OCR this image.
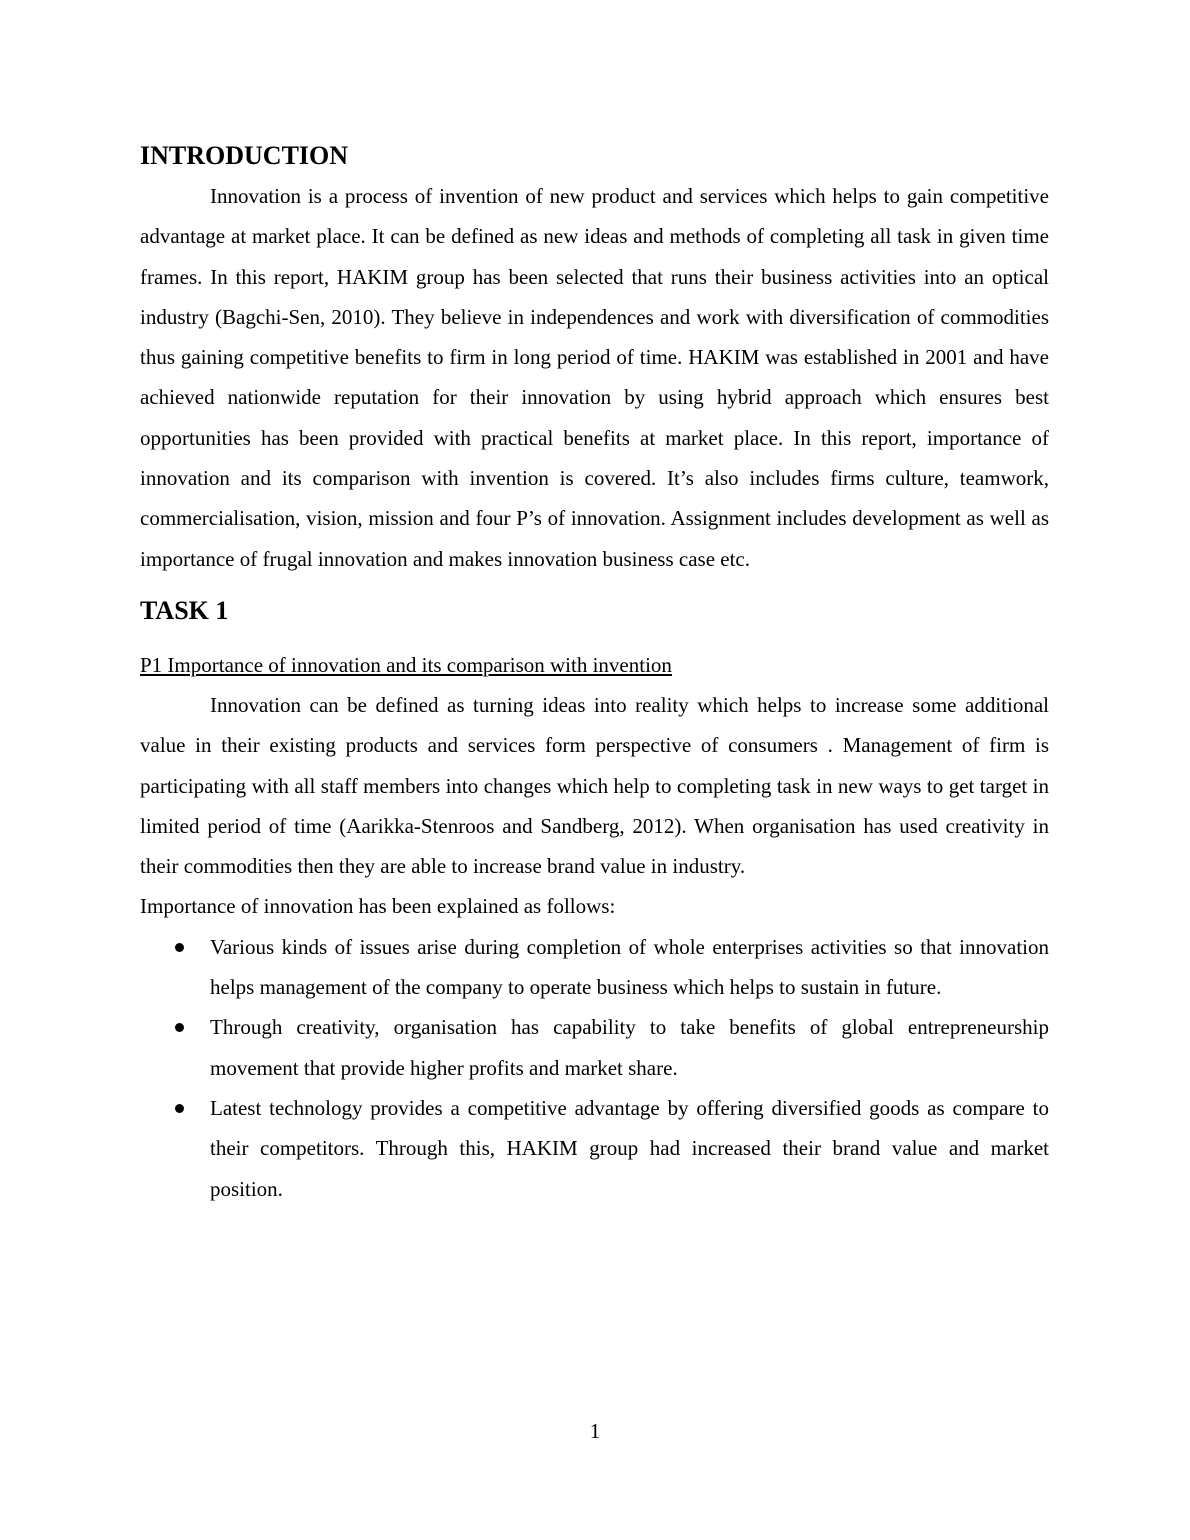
INTRODUCTION

Innovation is a process of invention of new product and services which helps to gain competitive advantage at market place. It can be defined as new ideas and methods of completing all task in given time frames. In this report, HAKIM group has been selected that runs their business activities into an optical industry (Bagchi-Sen, 2010). They believe in independences and work with diversification of commodities thus gaining competitive benefits to firm in long period of time. HAKIM was established in 2001 and have achieved nationwide reputation for their innovation by using hybrid approach which ensures best opportunities has been provided with practical benefits at market place. In this report, importance of innovation and its comparison with invention is covered. It’s also includes firms culture, teamwork, commercialisation, vision, mission and four P’s of innovation. Assignment includes development as well as importance of frugal innovation and makes innovation business case etc.

TASK 1

P1 Importance of innovation and its comparison with invention

Innovation can be defined as turning ideas into reality which helps to increase some additional value in their existing products and services form perspective of consumers . Management of firm is participating with all staff members into changes which help to completing task in new ways to get target in limited period of time (Aarikka-Stenroos and Sandberg, 2012). When organisation has used creativity in their commodities then they are able to increase brand value in industry.

Importance of innovation has been explained as follows:

Various kinds of issues arise during completion of whole enterprises activities so that innovation helps management of the company to operate business which helps to sustain in future.
Through creativity, organisation has capability to take benefits of global entrepreneurship movement that provide higher profits and market share.
Latest technology provides a competitive advantage by offering diversified goods as compare to their competitors. Through this, HAKIM group had increased their brand value and market position.
1
